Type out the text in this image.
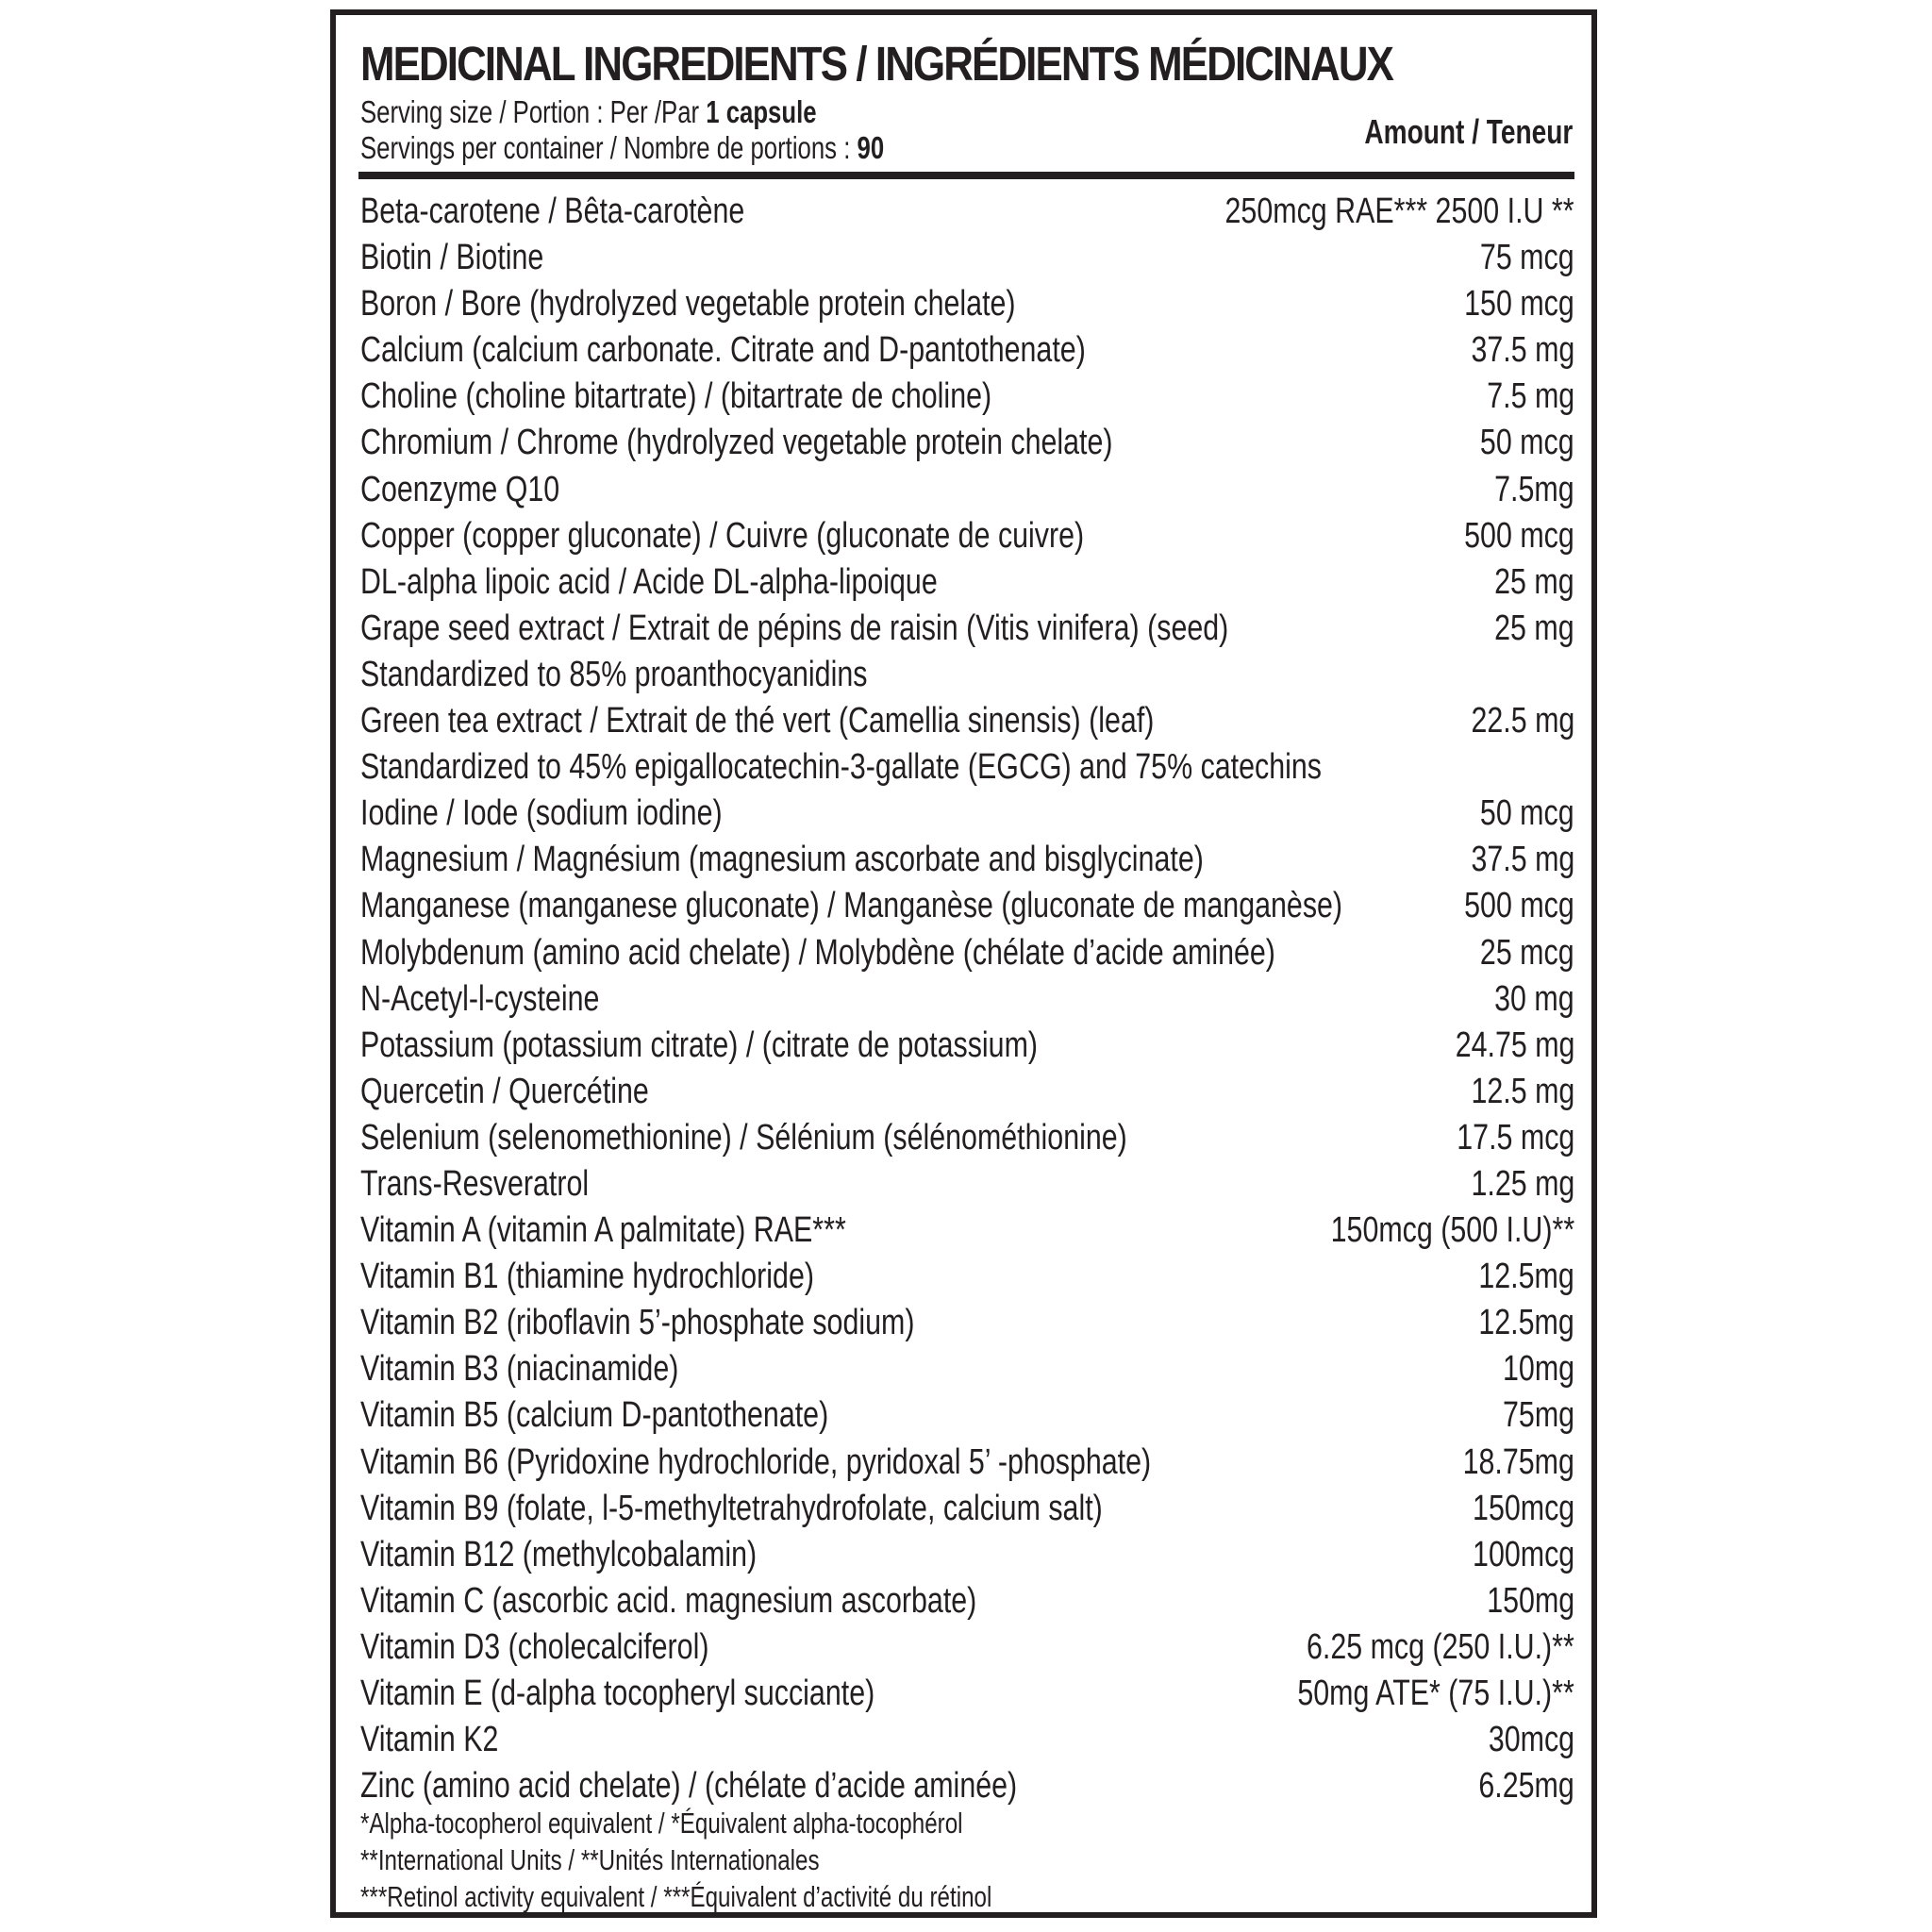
MEDICINAL INGREDIENTS / INGRÉDIENTS MÉDICINAUX
Serving size / Portion : Per /Par 1 capsule
Servings per container / Nombre de portions : 90	Amount / Teneur
Beta-carotene / Bêta-carotène	250mcg RAE*** 2500 I.U **
Biotin / Biotine	75 mcg
Boron / Bore (hydrolyzed vegetable protein chelate)	150 mcg
Calcium (calcium carbonate. Citrate and D-pantothenate)	37.5 mg
Choline (choline bitartrate) / (bitartrate de choline)	7.5 mg
Chromium / Chrome (hydrolyzed vegetable protein chelate)	50 mcg
Coenzyme Q10	7.5mg
Copper (copper gluconate) / Cuivre (gluconate de cuivre)	500 mcg
DL-alpha lipoic acid / Acide DL-alpha-lipoique	25 mg
Grape seed extract / Extrait de pépins de raisin (Vitis vinifera) (seed)	25 mg
Standardized to 85% proanthocyanidins
Green tea extract / Extrait de thé vert (Camellia sinensis) (leaf)	22.5 mg
Standardized to 45% epigallocatechin-3-gallate (EGCG) and 75% catechins
Iodine / Iode (sodium iodine)	50 mcg
Magnesium / Magnésium (magnesium ascorbate and bisglycinate)	37.5 mg
Manganese (manganese gluconate) / Manganèse (gluconate de manganèse)	500 mcg
Molybdenum (amino acid chelate) / Molybdène (chélate d’acide aminée)	25 mcg
N-Acetyl-l-cysteine	30 mg
Potassium (potassium citrate) / (citrate de potassium)	24.75 mg
Quercetin / Quercétine	12.5 mg
Selenium (selenomethionine) / Sélénium (sélénométhionine)	17.5 mcg
Trans-Resveratrol	1.25 mg
Vitamin A (vitamin A palmitate) RAE***	150mcg (500 I.U)**
Vitamin B1 (thiamine hydrochloride)	12.5mg
Vitamin B2 (riboflavin 5’-phosphate sodium)	12.5mg
Vitamin B3 (niacinamide)	10mg
Vitamin B5 (calcium D-pantothenate)	75mg
Vitamin B6 (Pyridoxine hydrochloride, pyridoxal 5’ -phosphate)	18.75mg
Vitamin B9 (folate, l-5-methyltetrahydrofolate, calcium salt)	150mcg
Vitamin B12 (methylcobalamin)	100mcg
Vitamin C (ascorbic acid. magnesium ascorbate)	150mg
Vitamin D3 (cholecalciferol)	6.25 mcg (250 I.U.)**
Vitamin E (d-alpha tocopheryl succiante)	50mg ATE* (75 I.U.)**
Vitamin K2	30mcg
Zinc (amino acid chelate) / (chélate d’acide aminée)	6.25mg
*Alpha-tocopherol equivalent / *Équivalent alpha-tocophérol
**International Units / **Unités Internationales
***Retinol activity equivalent / ***Équivalent d’activité du rétinol
